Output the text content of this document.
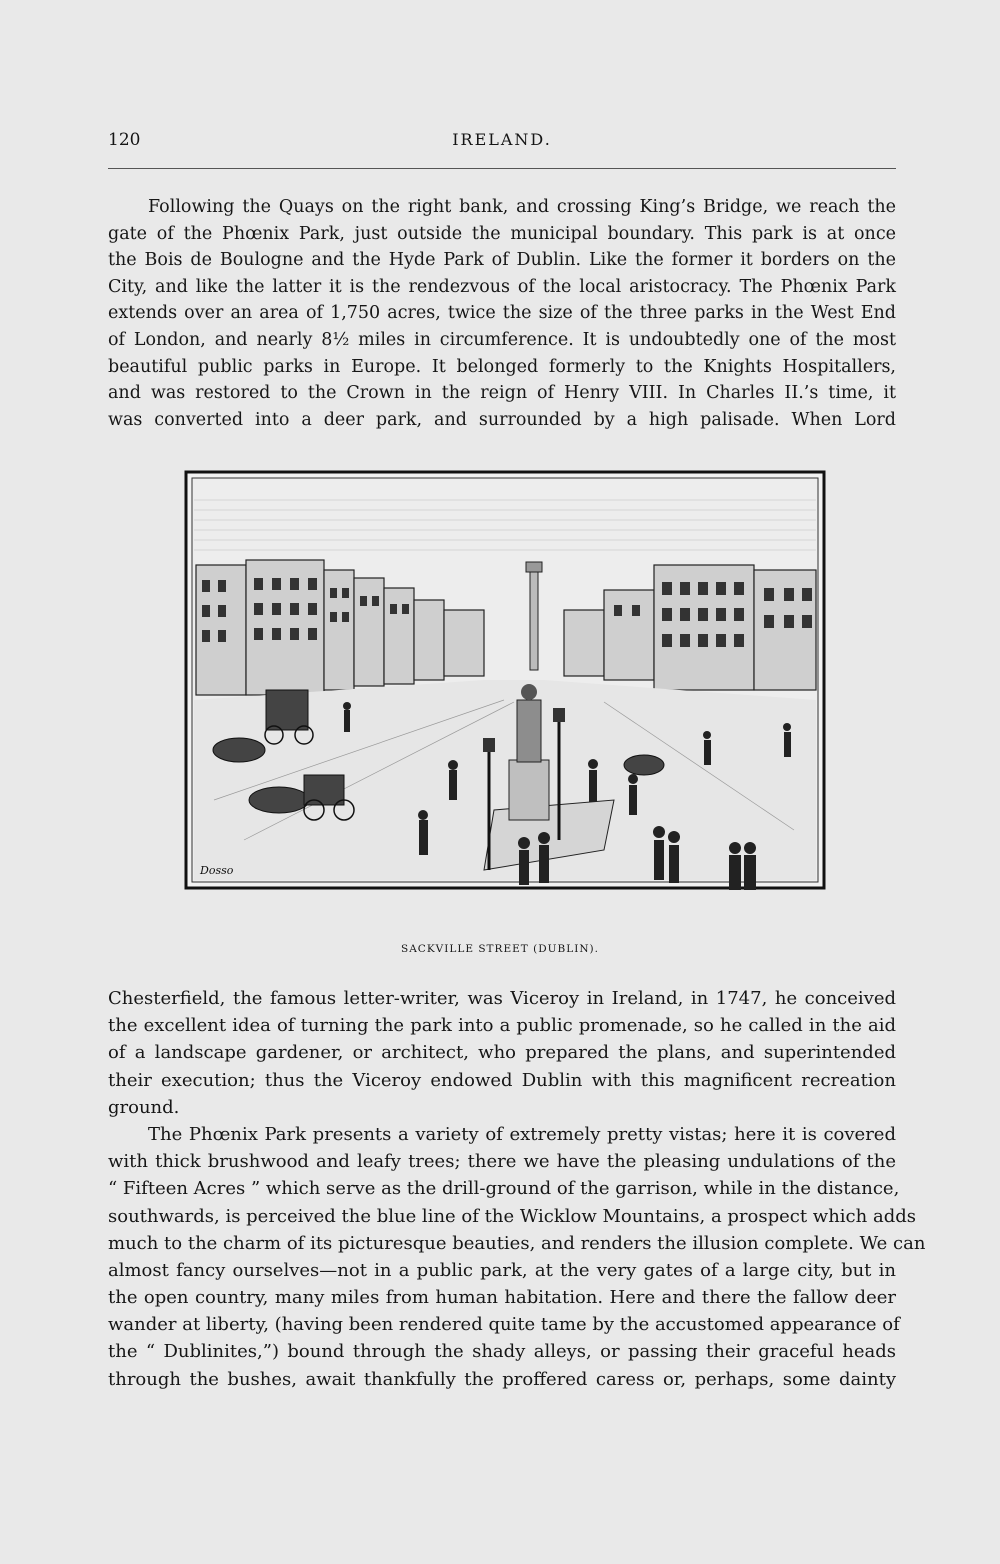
120	IRELAND.
Following the Quays on the right bank, and crossing King’s Bridge, we reach the
gate of the Phœnix Park, just outside the municipal boundary. This park is at once
the Bois de Boulogne and the Hyde Park of Dublin. Like the former it borders on the
City, and like the latter it is the rendezvous of the local aristocracy. The Phœnix Park
extends over an area of 1,750 acres, twice the size of the three parks in the West End
of London, and nearly 8½ miles in circumference. It is undoubtedly one of the most
beautiful public parks in Europe. It belonged formerly to the Knights Hospitallers,
and was restored to the Crown in the reign of Henry VIII. In Charles II.’s time, it
was converted into a deer park, and surrounded by a high palisade. When Lord
Dosso
SACKVILLE STREET (DUBLIN).
Chesterfield, the famous letter-writer, was Viceroy in Ireland, in 1747, he conceived
the excellent idea of turning the park into a public promenade, so he called in the aid
of a landscape gardener, or architect, who prepared the plans, and superintended
their execution; thus the Viceroy endowed Dublin with this magnificent recreation
ground.
The Phœnix Park presents a variety of extremely pretty vistas; here it is covered
with thick brushwood and leafy trees; there we have the pleasing undulations of the
“ Fifteen Acres ” which serve as the drill-ground of the garrison, while in the distance,
southwards, is perceived the blue line of the Wicklow Mountains, a prospect which adds
much to the charm of its picturesque beauties, and renders the illusion complete. We can
almost fancy ourselves—not in a public park, at the very gates of a large city, but in
the open country, many miles from human habitation. Here and there the fallow deer
wander at liberty, (having been rendered quite tame by the accustomed appearance of
the “ Dublinites,”) bound through the shady alleys, or passing their graceful heads
through the bushes, await thankfully the proffered caress or, perhaps, some dainty
